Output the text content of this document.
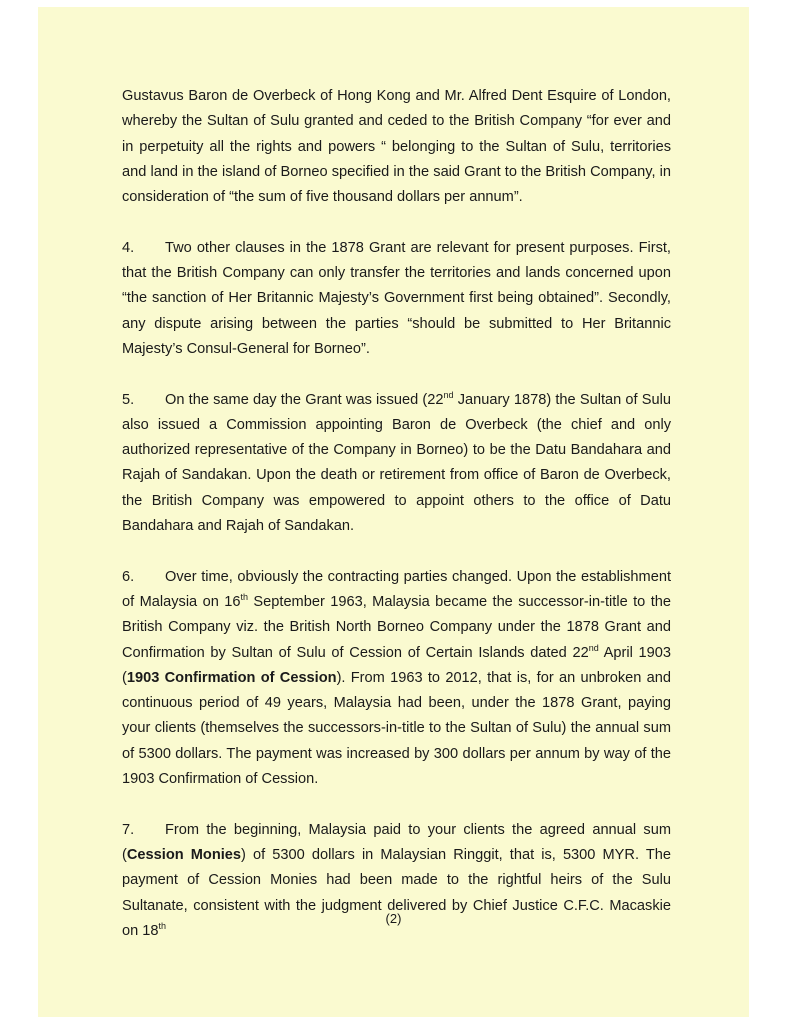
Gustavus Baron de Overbeck of Hong Kong and Mr. Alfred Dent Esquire of London, whereby the Sultan of Sulu granted and ceded to the British Company “for ever and in perpetuity all the rights and powers “ belonging to the Sultan of Sulu, territories and land in the island of Borneo specified in the said Grant to the British Company, in consideration of “the sum of five thousand dollars per annum”.

4. Two other clauses in the 1878 Grant are relevant for present purposes. First, that the British Company can only transfer the territories and lands concerned upon “the sanction of Her Britannic Majesty’s Government first being obtained”. Secondly, any dispute arising between the parties “should be submitted to Her Britannic Majesty’s Consul-General for Borneo”.

5. On the same day the Grant was issued (22nd January 1878) the Sultan of Sulu also issued a Commission appointing Baron de Overbeck (the chief and only authorized representative of the Company in Borneo) to be the Datu Bandahara and Rajah of Sandakan. Upon the death or retirement from office of Baron de Overbeck, the British Company was empowered to appoint others to the office of Datu Bandahara and Rajah of Sandakan.

6. Over time, obviously the contracting parties changed. Upon the establishment of Malaysia on 16th September 1963, Malaysia became the successor-in-title to the British Company viz. the British North Borneo Company under the 1878 Grant and Confirmation by Sultan of Sulu of Cession of Certain Islands dated 22nd April 1903 (1903 Confirmation of Cession). From 1963 to 2012, that is, for an unbroken and continuous period of 49 years, Malaysia had been, under the 1878 Grant, paying your clients (themselves the successors-in-title to the Sultan of Sulu) the annual sum of 5300 dollars. The payment was increased by 300 dollars per annum by way of the 1903 Confirmation of Cession.

7. From the beginning, Malaysia paid to your clients the agreed annual sum (Cession Monies) of 5300 dollars in Malaysian Ringgit, that is, 5300 MYR. The payment of Cession Monies had been made to the rightful heirs of the Sulu Sultanate, consistent with the judgment delivered by Chief Justice C.F.C. Macaskie on 18th	(2)
